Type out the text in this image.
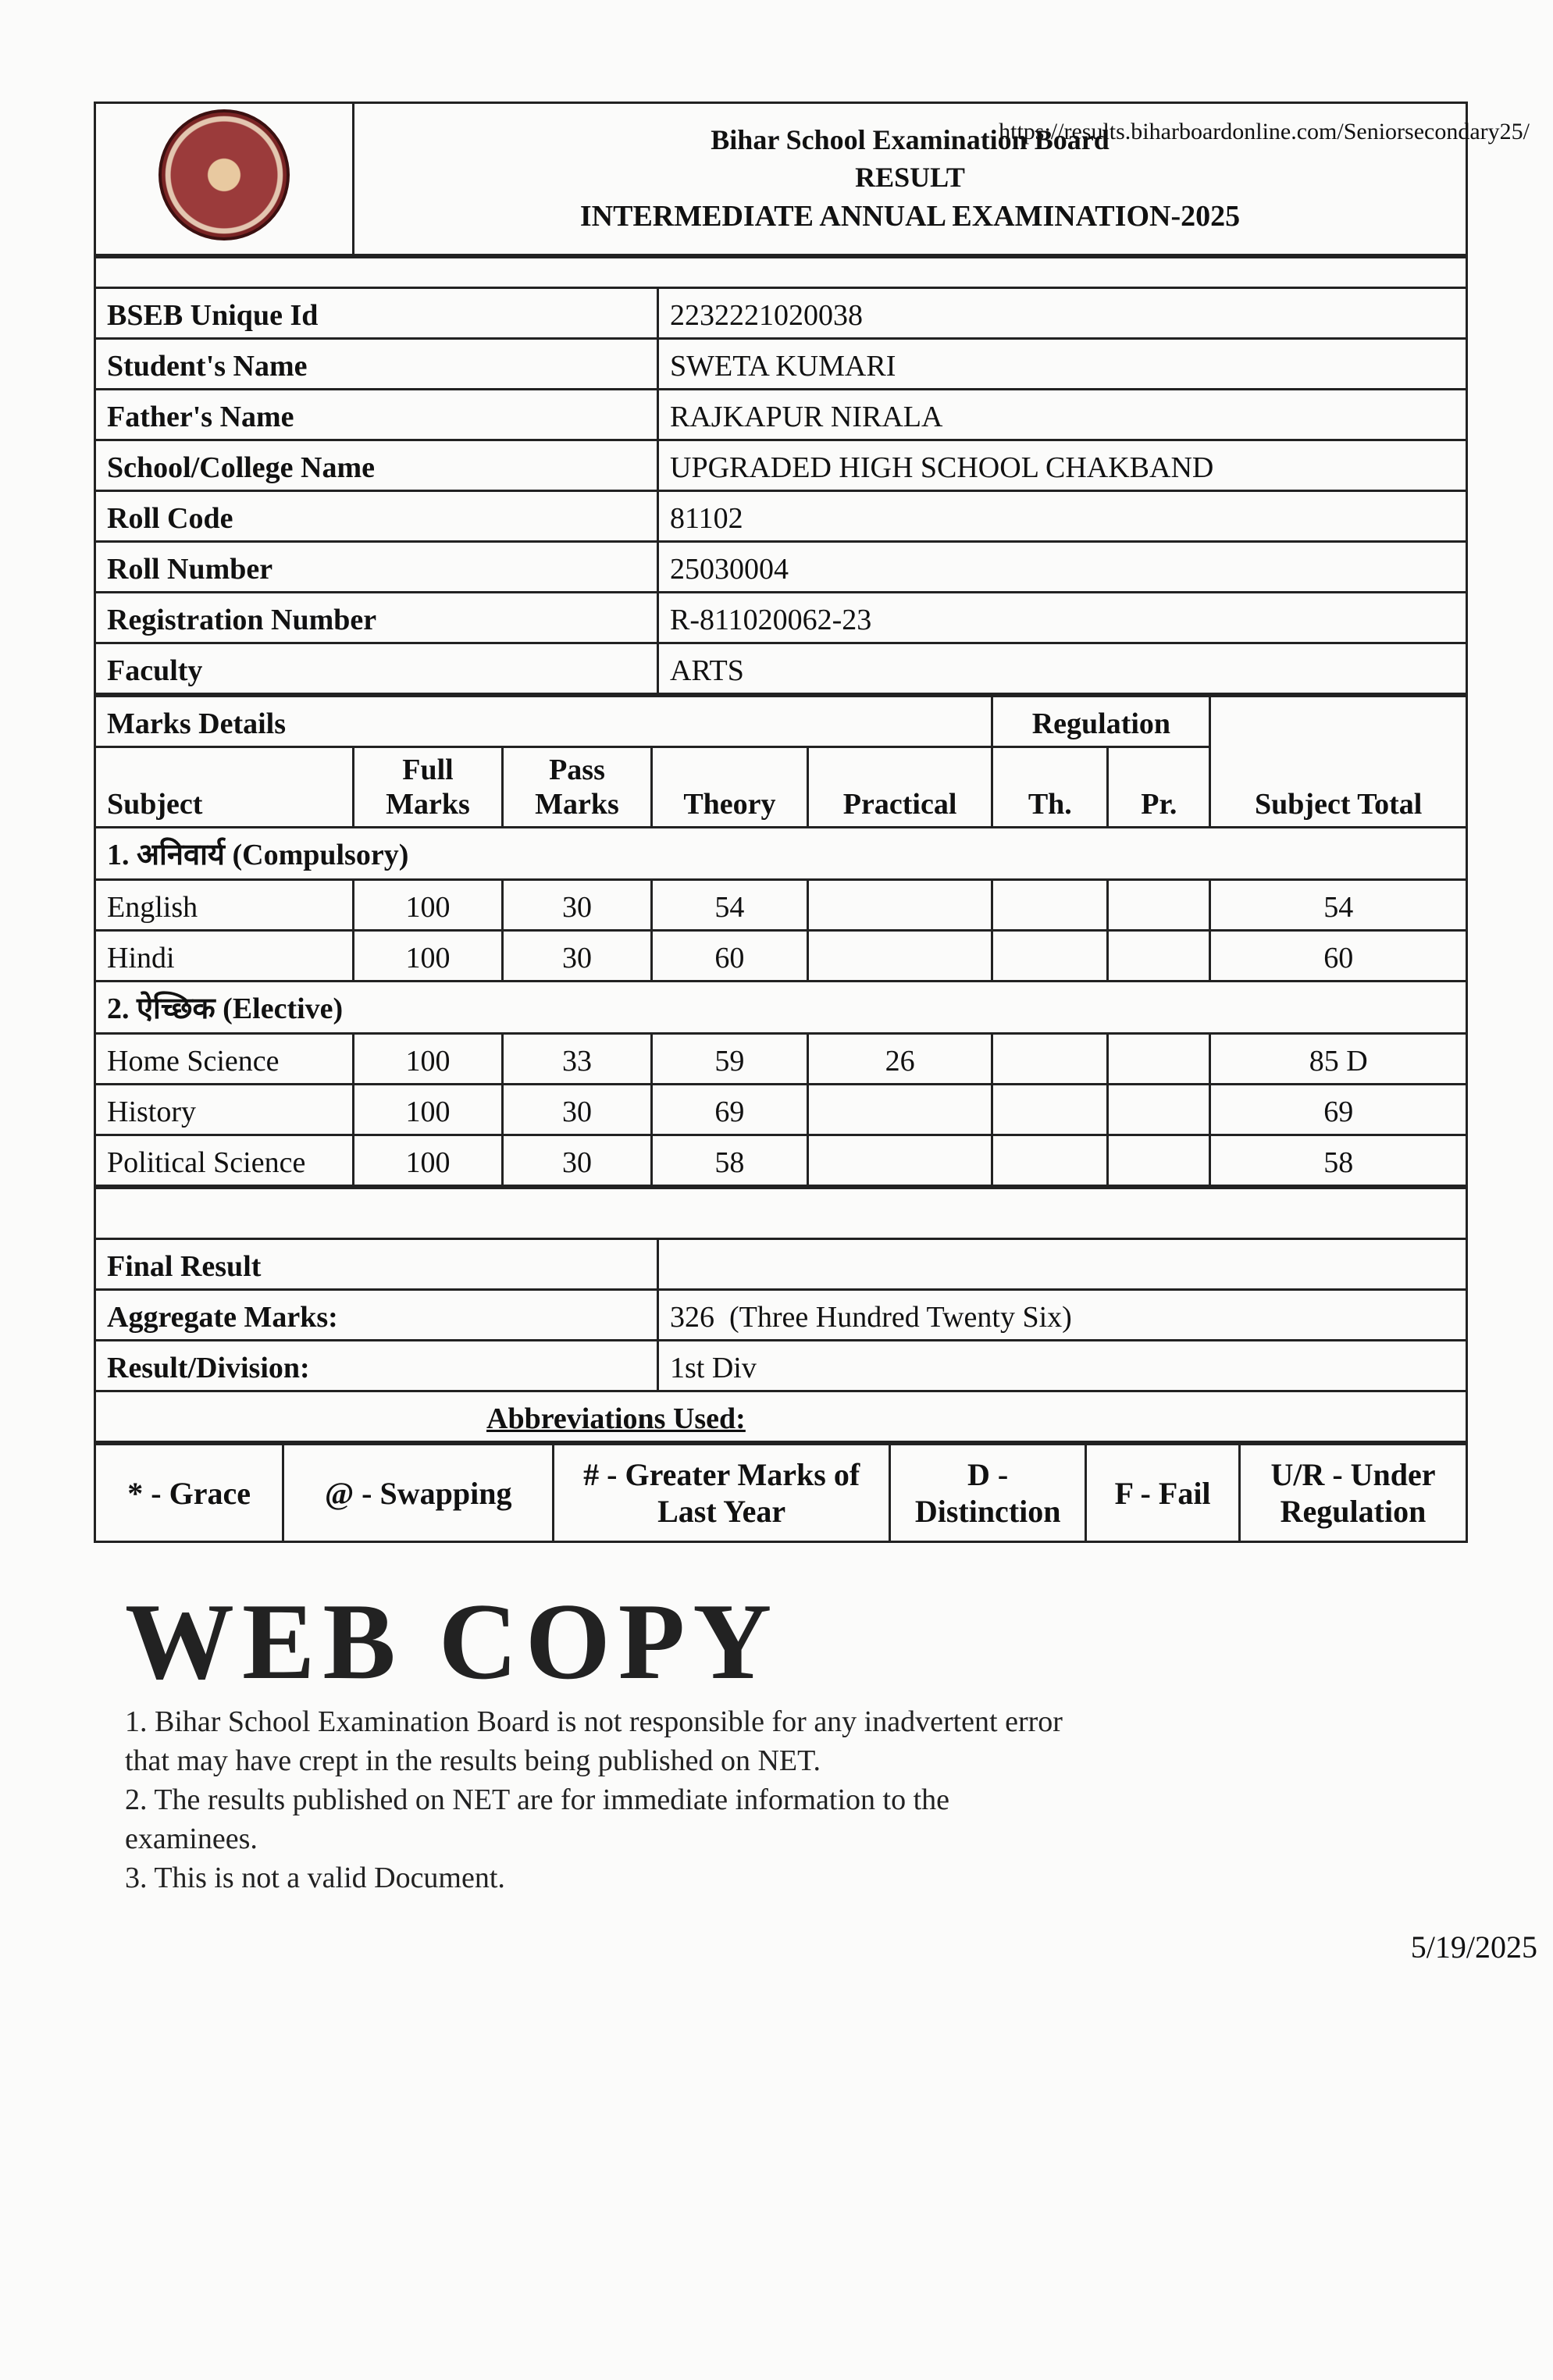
https://results.biharboardonline.com/Seniorsecondary25/

Bihar School Examination Board
RESULT
INTERMEDIATE ANNUAL EXAMINATION-2025

BSEB Unique Id	2232221020038
Student's Name	SWETA KUMARI
Father's Name	RAJKAPUR NIRALA
School/College Name	UPGRADED HIGH SCHOOL CHAKBAND
Roll Code	81102
Roll Number	25030004
Registration Number	R-811020062-23
Faculty	ARTS
Marks Details					Regulation		Subject Total
Subject	Full Marks	Pass Marks	Theory	Practical	Th.	Pr.	
1. अनिवार्य (Compulsory)							
English	100	30	54				54
Hindi	100	30	60				60
2. ऐच्छिक (Elective)							
Home Science	100	33	59	26			85 D
History	100	30	69				69
Political Science	100	30	58				58

Final Result	
Aggregate Marks:	326 (Three Hundred Twenty Six)
Result/Division:	1st Div
Abbreviations Used:	
* - Grace	@ - Swapping	# - Greater Marks of Last Year	D - Distinction	F - Fail	U/R - Under Regulation
WEB COPY
1. Bihar School Examination Board is not responsible for any inadvertent error
that may have crept in the results being published on NET.
2. The results published on NET are for immediate information to the
examinees.
3. This is not a valid Document.
5/19/2025
